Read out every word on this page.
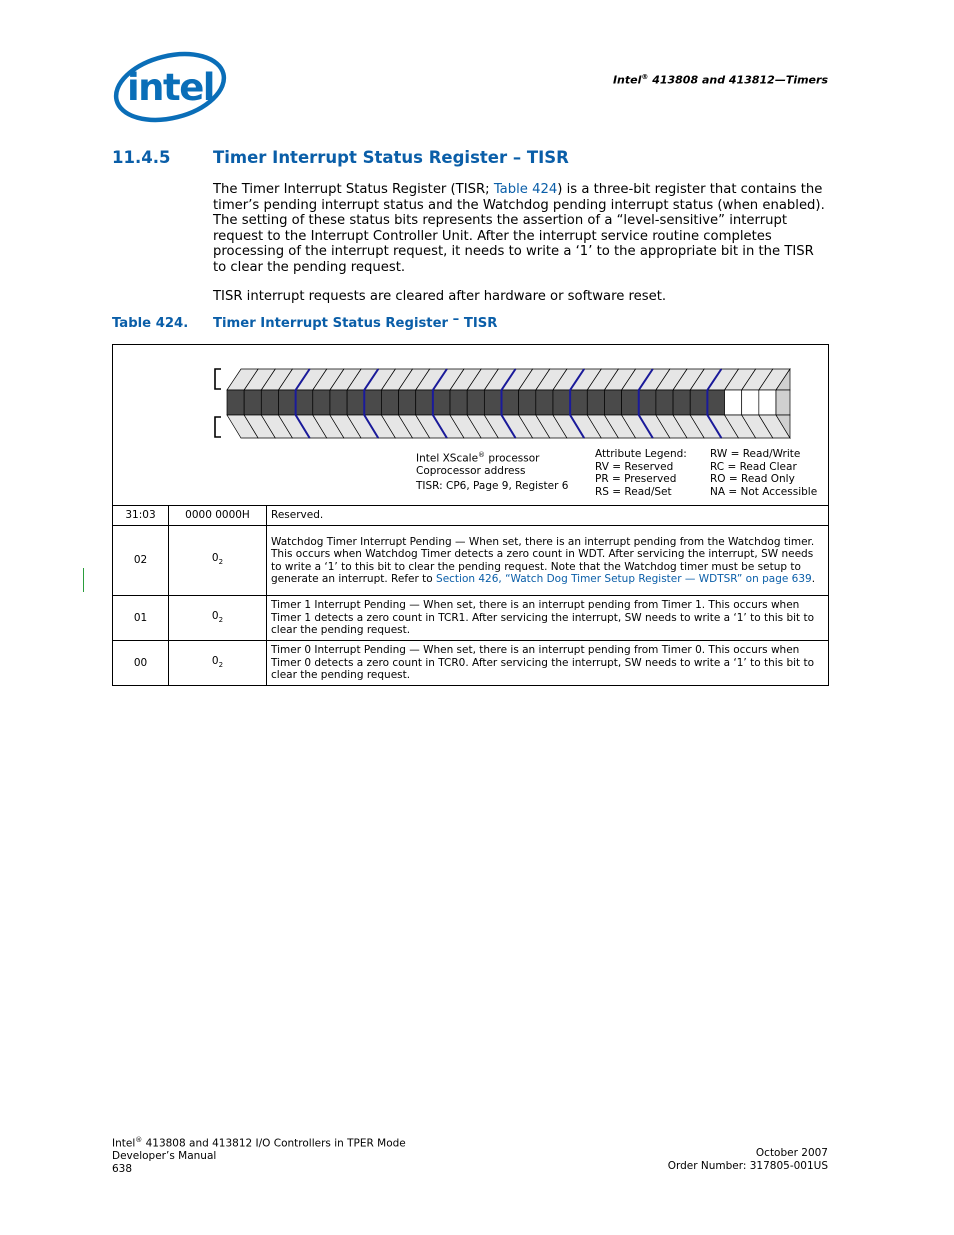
intel	Intel® 413808 and 413812—Timers
11.4.5	Timer Interrupt Status Register – TISR
The Timer Interrupt Status Register (TISR; Table 424) is a three-bit register that contains the timer’s pending interrupt status and the Watchdog pending interrupt status (when enabled). The setting of these status bits represents the assertion of a “level-sensitive” interrupt request to the Interrupt Controller Unit. After the interrupt service routine completes processing of the interrupt request, it needs to write a ‘1’ to the appropriate bit in the TISR to clear the pending request.
TISR interrupt requests are cleared after hardware or software reset.
Table 424. Timer Interrupt Status Register – TISR
Intel XScale® processor
Coprocessor address
TISR: CP6, Page 9, Register 6
Attribute Legend:
RV = Reserved
PR = Preserved
RS = Read/Set
RW = Read/Write
RC = Read Clear
RO = Read Only
NA = Not Accessible
31:03	0000 0000H	Reserved.
02	$0_2$	Watchdog Timer Interrupt Pending — When set, there is an interrupt pending from the Watchdog timer. This occurs when Watchdog Timer detects a zero count in WDT. After servicing the interrupt, SW needs to write a ‘1’ to this bit to clear the pending request. Note that the Watchdog timer must be setup to generate an interrupt. Refer to Section 426, “Watch Dog Timer Setup Register — WDTSR” on page 639.
01	$0_2$	Timer 1 Interrupt Pending — When set, there is an interrupt pending from Timer 1. This occurs when Timer 1 detects a zero count in TCR1. After servicing the interrupt, SW needs to write a ‘1’ to this bit to clear the pending request.
00	$0_2$	Timer 0 Interrupt Pending — When set, there is an interrupt pending from Timer 0. This occurs when Timer 0 detects a zero count in TCR0. After servicing the interrupt, SW needs to write a ‘1’ to this bit to clear the pending request.
Intel® 413808 and 413812 I/O Controllers in TPER Mode
Developer’s Manual
638
October 2007
Order Number: 317805-001US
